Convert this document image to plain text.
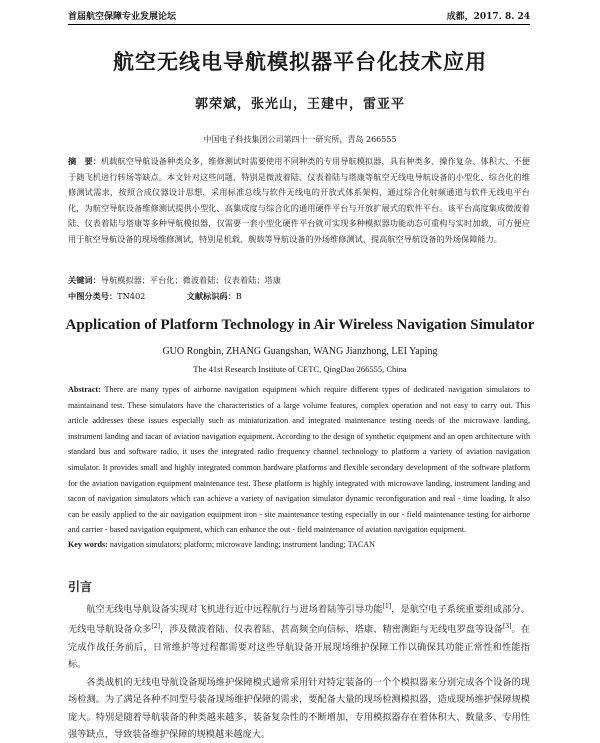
首届航空保障专业发展论坛	成都，2017. 8. 24
航空无线电导航模拟器平台化技术应用
郭荣斌，张光山，王建中，雷亚平
中国电子科技集团公司第四十一研究所，青岛 266555
摘　要：机载航空导航设备种类众多，维修测试时需要使用不同种类的专用导航模拟器，具有种类多、操作复杂、体积大、不便于随飞机进行转场等缺点。本文针对这些问题，特别是微波着陆、仪表着陆与塔康等航空无线电导航设备的小型化、综合化的维修测试需求，按照合成仪器设计思想，采用标准总线与软件无线电的开放式体系架构，通过综合化射频通道与软件无线电平台化，为航空导航设备维修测试提供小型化、高集成度与综合化的通用硬件平台与开放扩展式的软件平台。该平台高度集成微波着陆、仪表着陆与塔康等多种导航模拟器，仅需要一套小型化硬件平台就可实现多种模拟器功能动态可重构与实时加载，可方便应用于航空导航设备的现场维修测试，特别是机载、舰载等导航设备的外场维修测试，提高航空导航设备的外场保障能力。
关键词：导航模拟器；平台化；微波着陆；仪表着陆；塔康
中图分类号：TN402	文献标识码：B
Application of Platform Technology in Air Wireless Navigation Simulator
GUO Rongbin, ZHANG Guangshan, WANG Jianzhong, LEI Yaping
The 41st Research Institute of CETC, QingDao 266555, China
Abstract: There are many types of airborne navigation equipment which require different types of dedicated navigation simulators to maintainand test. These simulators have the characteristics of a large volume features, complex operation and not easy to carry out. This article addresses these issues especially such as miniaturization and integrated maintenance testing needs of the microwave landing, instrument landing and tacan of aviation navigation equipment. According to the design of synthetic equipment and an open architecture with standard bus and software radio, it uses the integrated radio frequency channel technology to platform a variety of aviation navigation simulator. It provides small and highly integrated common hardware platforms and flexible secondary development of the software platform for the aviation navigation equipment maintenance test. These platform is highly integrated with microwave landing, instrument landing and tacon of navigation simulators which can achieve a variety of navigation simulator dynamic reconfiguration and real - time loading. It also can be easily applied to the air navigation equipment iron - site maintenance testing especially in our - field maintenance testing for airborne and carrier - based navigation equipment, which can enhance the out - field maintenance of aviation navigation equipment.
Key words: navigation simulators; platform; microwave landing; instrument landing; TACAN
引言

航空无线电导航设备实现对飞机进行近中远程航行与进场着陆等引导功能[1]，是航空电子系统重要组成部分。无线电导航设备众多[2]，涉及微波着陆、仪表着陆、甚高频全向信标、塔康、精密测距与无线电罗盘等设备[3]。在完成作战任务前后，日常维护等过程都需要对这些导航设备开展现场维护保障工作以确保其功能正常性和性能指标。

各类战机的无线电导航设备现场维护保障模式通常采用针对特定装备的一个个模拟器来分别完成各个设备的现场检测。为了满足各种不同型号装备现场维护保障的需求，要配备大量的现场检测模拟器，造成现场维护保障规模庞大。特别是随着导航装备的种类越来越多，装备复杂性的不断增加，专用模拟器存在着体积大、数量多、专用性强等缺点，导致装备维护保障的规模越来越庞大。
